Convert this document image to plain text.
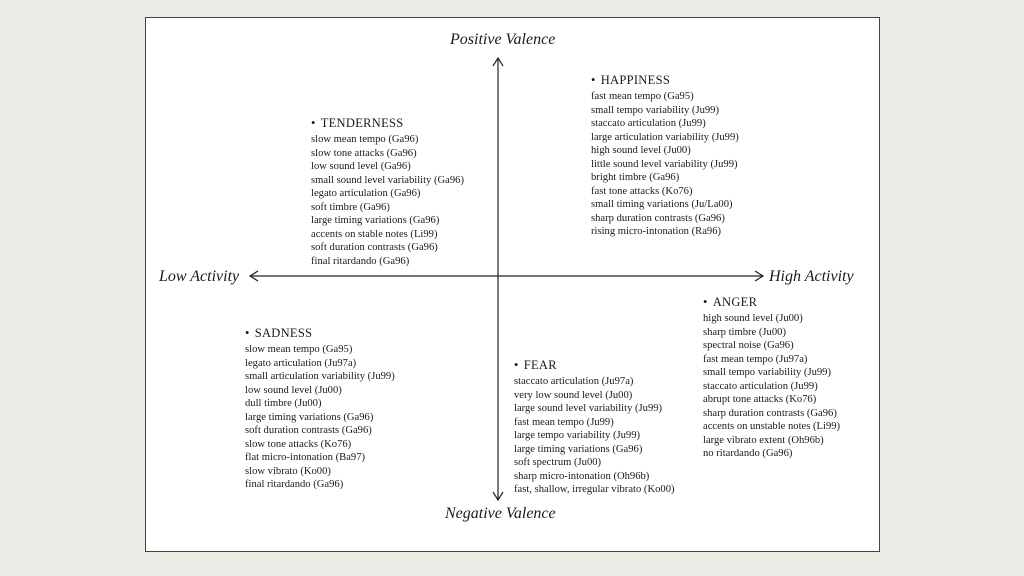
Positive Valence
Negative Valence
Low Activity	High Activity
• TENDERNESS
slow mean tempo (Ga96)
slow tone attacks (Ga96)
low sound level (Ga96)
small sound level variability (Ga96)
legato articulation (Ga96)
soft timbre (Ga96)
large timing variations (Ga96)
accents on stable notes (Li99)
soft duration contrasts (Ga96)
final ritardando (Ga96)
• HAPPINESS
fast mean tempo (Ga95)
small tempo variability (Ju99)
staccato articulation (Ju99)
large articulation variability (Ju99)
high sound level (Ju00)
little sound level variability (Ju99)
bright timbre (Ga96)
fast tone attacks (Ko76)
small timing variations (Ju/La00)
sharp duration contrasts (Ga96)
rising micro-intonation (Ra96)
• SADNESS
slow mean tempo (Ga95)
legato articulation (Ju97a)
small articulation variability (Ju99)
low sound level (Ju00)
dull timbre (Ju00)
large timing variations (Ga96)
soft duration contrasts (Ga96)
slow tone attacks (Ko76)
flat micro-intonation (Ba97)
slow vibrato (Ko00)
final ritardando (Ga96)
• FEAR
staccato articulation (Ju97a)
very low sound level (Ju00)
large sound level variability (Ju99)
fast mean tempo (Ju99)
large tempo variability (Ju99)
large timing variations (Ga96)
soft spectrum (Ju00)
sharp micro-intonation (Oh96b)
fast, shallow, irregular vibrato (Ko00)
• ANGER
high sound level (Ju00)
sharp timbre (Ju00)
spectral noise (Ga96)
fast mean tempo (Ju97a)
small tempo variability (Ju99)
staccato articulation (Ju99)
abrupt tone attacks (Ko76)
sharp duration contrasts (Ga96)
accents on unstable notes (Li99)
large vibrato extent (Oh96b)
no ritardando (Ga96)
